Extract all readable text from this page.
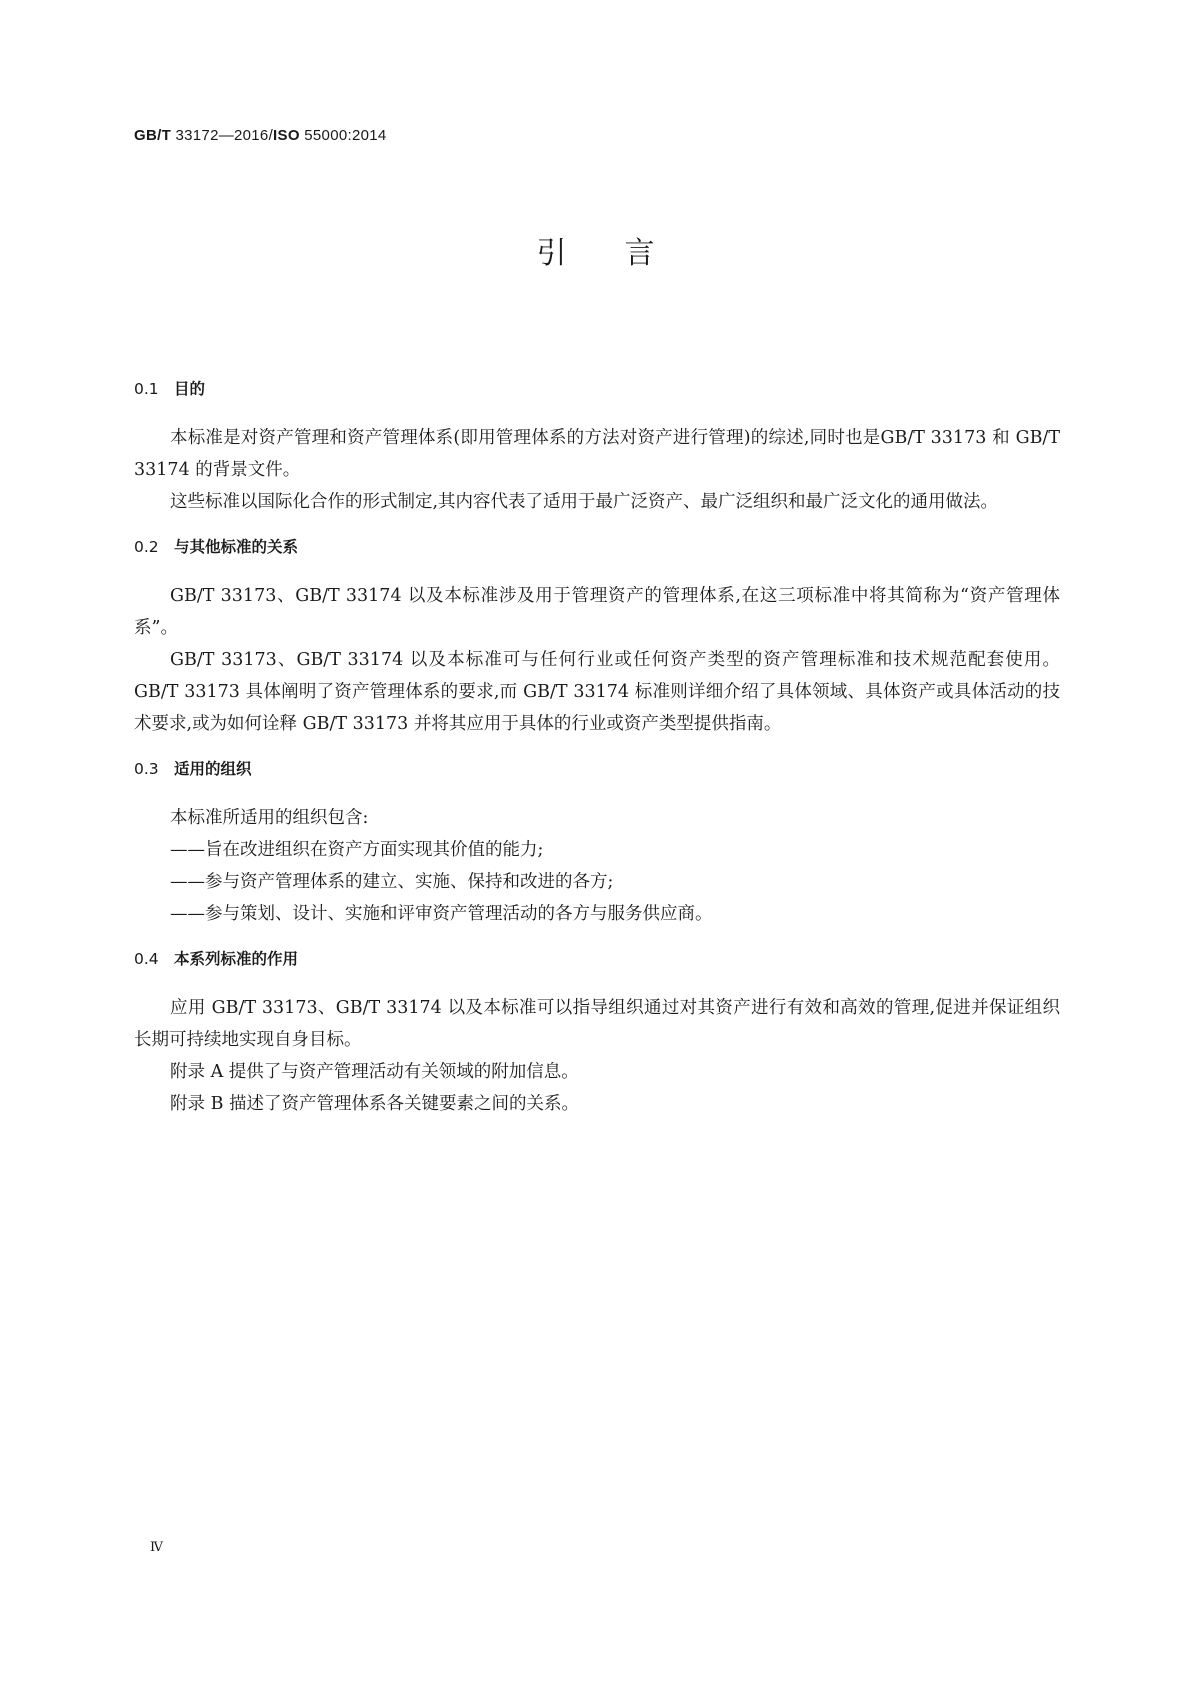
GB/T 33172—2016/ISO 55000:2014
引言
0.1 目的

本标准是对资产管理和资产管理体系(即用管理体系的方法对资产进行管理)的综述,同时也是GB/T 33173 和 GB/T 33174 的背景文件。

这些标准以国际化合作的形式制定,其内容代表了适用于最广泛资产、最广泛组织和最广泛文化的通用做法。

0.2 与其他标准的关系

GB/T 33173、GB/T 33174 以及本标准涉及用于管理资产的管理体系,在这三项标准中将其简称为“资产管理体系”。

GB/T 33173、GB/T 33174 以及本标准可与任何行业或任何资产类型的资产管理标准和技术规范配套使用。GB/T 33173 具体阐明了资产管理体系的要求,而 GB/T 33174 标准则详细介绍了具体领域、具体资产或具体活动的技术要求,或为如何诠释 GB/T 33173 并将其应用于具体的行业或资产类型提供指南。

0.3 适用的组织

本标准所适用的组织包含:

——旨在改进组织在资产方面实现其价值的能力;

——参与资产管理体系的建立、实施、保持和改进的各方;

——参与策划、设计、实施和评审资产管理活动的各方与服务供应商。

0.4 本系列标准的作用

应用 GB/T 33173、GB/T 33174 以及本标准可以指导组织通过对其资产进行有效和高效的管理,促进并保证组织长期可持续地实现自身目标。

附录 A 提供了与资产管理活动有关领域的附加信息。

附录 B 描述了资产管理体系各关键要素之间的关系。

Ⅳ
